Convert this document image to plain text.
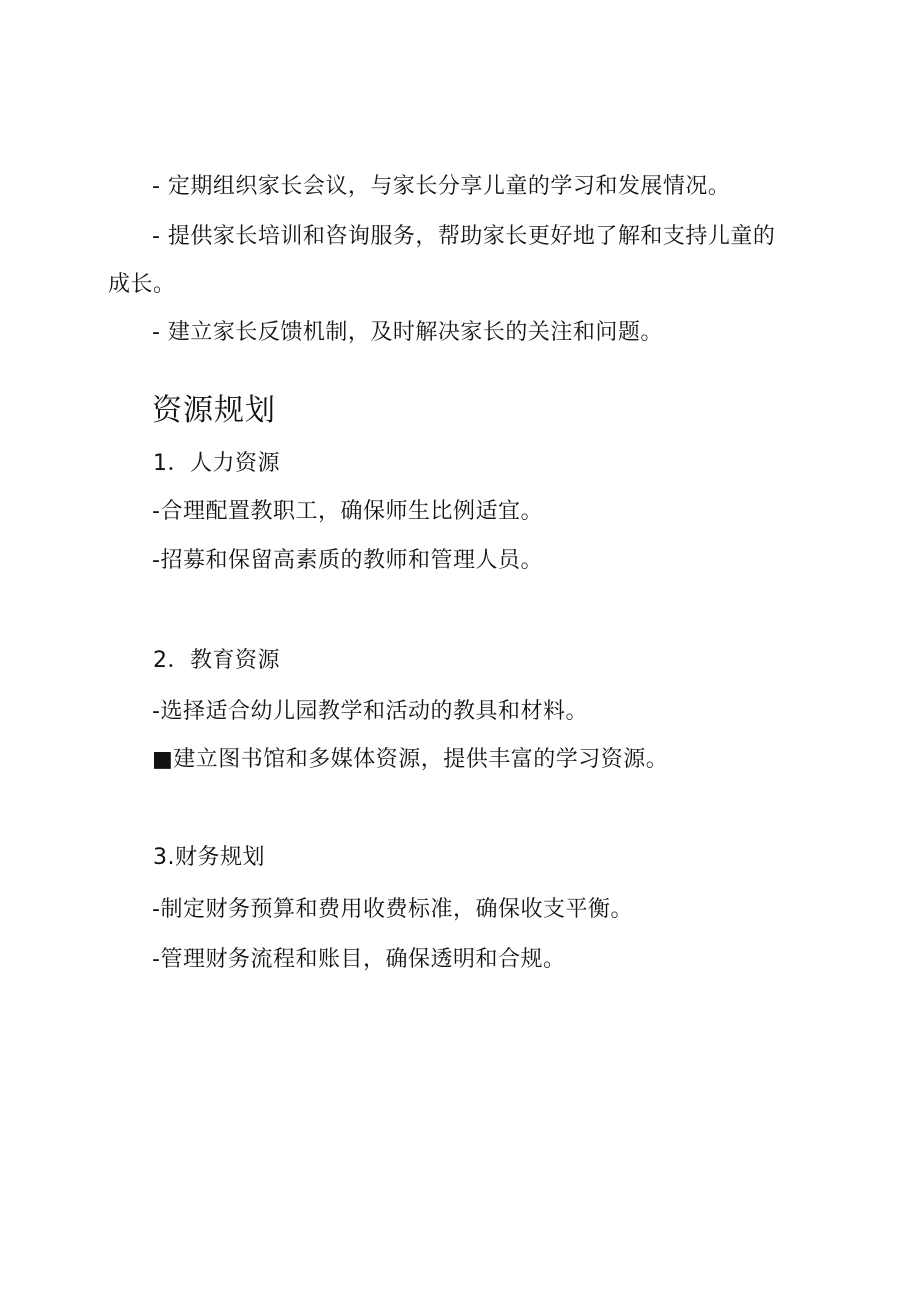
- 定期组织家长会议，与家长分享儿童的学习和发展情况。
- 提供家长培训和咨询服务，帮助家长更好地了解和支持儿童的
成长。
- 建立家长反馈机制，及时解决家长的关注和问题。
资源规划
1．人力资源
-合理配置教职工，确保师生比例适宜。
-招募和保留高素质的教师和管理人员。
2．教育资源
-选择适合幼儿园教学和活动的教具和材料。
■建立图书馆和多媒体资源，提供丰富的学习资源。
3.财务规划
-制定财务预算和费用收费标准，确保收支平衡。
-管理财务流程和账目，确保透明和合规。
